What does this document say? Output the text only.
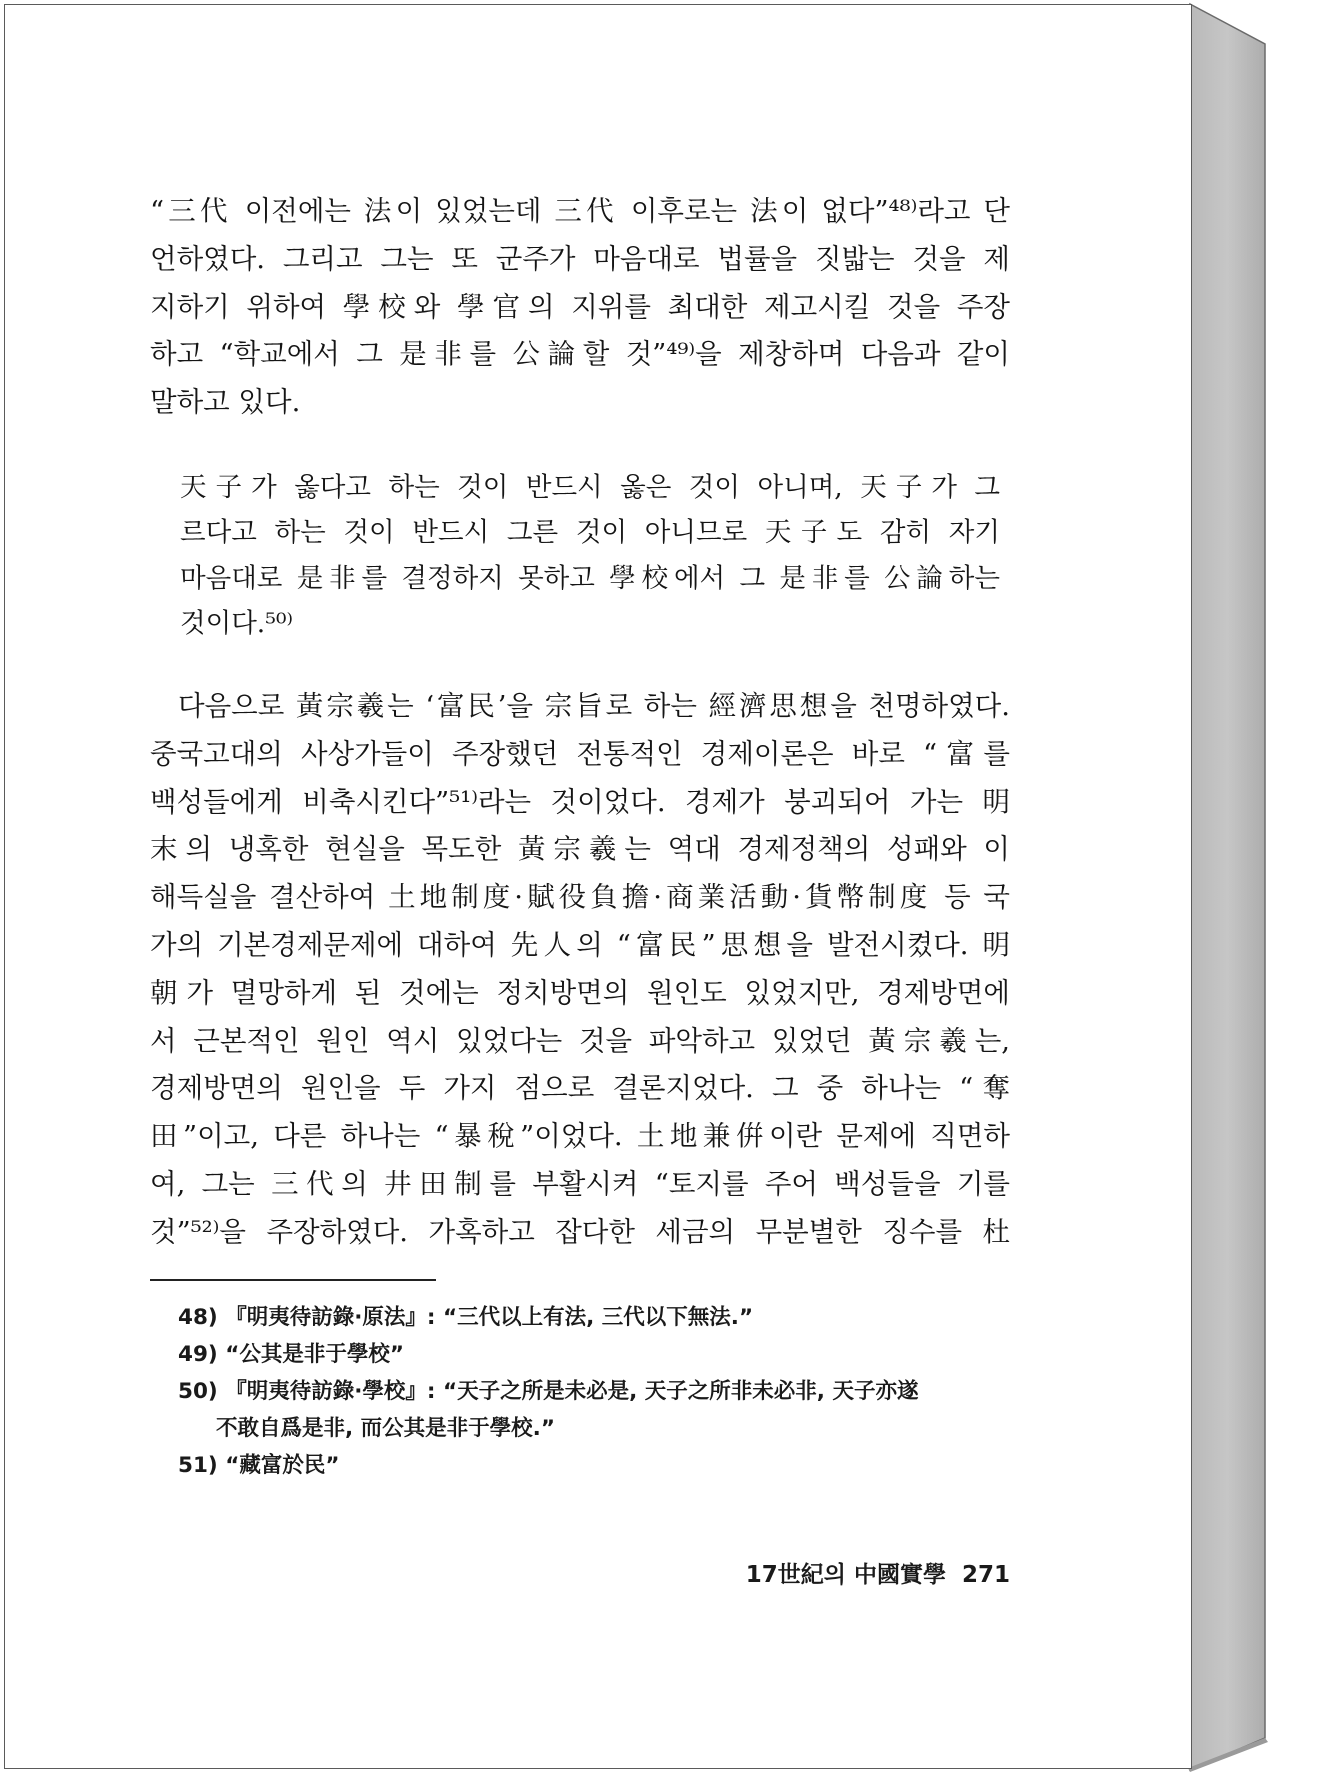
“三代 이전에는 法이 있었는데 三代 이후로는 法이 없다”⁴⁸⁾라고 단
언하였다. 그리고 그는 또 군주가 마음대로 법률을 짓밟는 것을 제
지하기 위하여 學校와 學官의 지위를 최대한 제고시킬 것을 주장
하고 “학교에서 그 是非를 公論할 것”⁴⁹⁾을 제창하며 다음과 같이
말하고 있다.
天子가 옳다고 하는 것이 반드시 옳은 것이 아니며, 天子가 그
르다고 하는 것이 반드시 그른 것이 아니므로 天子도 감히 자기
마음대로 是非를 결정하지 못하고 學校에서 그 是非를 公論하는
것이다.⁵⁰⁾
다음으로 黃宗羲는 ‘富民’을 宗旨로 하는 經濟思想을 천명하였다.
중국고대의 사상가들이 주장했던 전통적인 경제이론은 바로 “富를
백성들에게 비축시킨다”⁵¹⁾라는 것이었다. 경제가 붕괴되어 가는 明
末의 냉혹한 현실을 목도한 黃宗羲는 역대 경제정책의 성패와 이
해득실을 결산하여 土地制度·賦役負擔·商業活動·貨幣制度 등 국
가의 기본경제문제에 대하여 先人의 “富民”思想을 발전시켰다. 明
朝가 멸망하게 된 것에는 정치방면의 원인도 있었지만, 경제방면에
서 근본적인 원인 역시 있었다는 것을 파악하고 있었던 黃宗羲는,
경제방면의 원인을 두 가지 점으로 결론지었다. 그 중 하나는 “奪
田”이고, 다른 하나는 “暴稅”이었다. 土地兼倂이란 문제에 직면하
여, 그는 三代의 井田制를 부활시켜 “토지를 주어 백성들을 기를
것”⁵²⁾을 주장하였다. 가혹하고 잡다한 세금의 무분별한 징수를 杜
48) 『明夷待訪錄·原法』: “三代以上有法, 三代以下無法.”
49) “公其是非于學校”
50) 『明夷待訪錄·學校』: “天子之所是未必是, 天子之所非未必非, 天子亦遂
不敢自爲是非, 而公其是非于學校.”
51) “藏富於民”
17世紀의 中國實學 271
